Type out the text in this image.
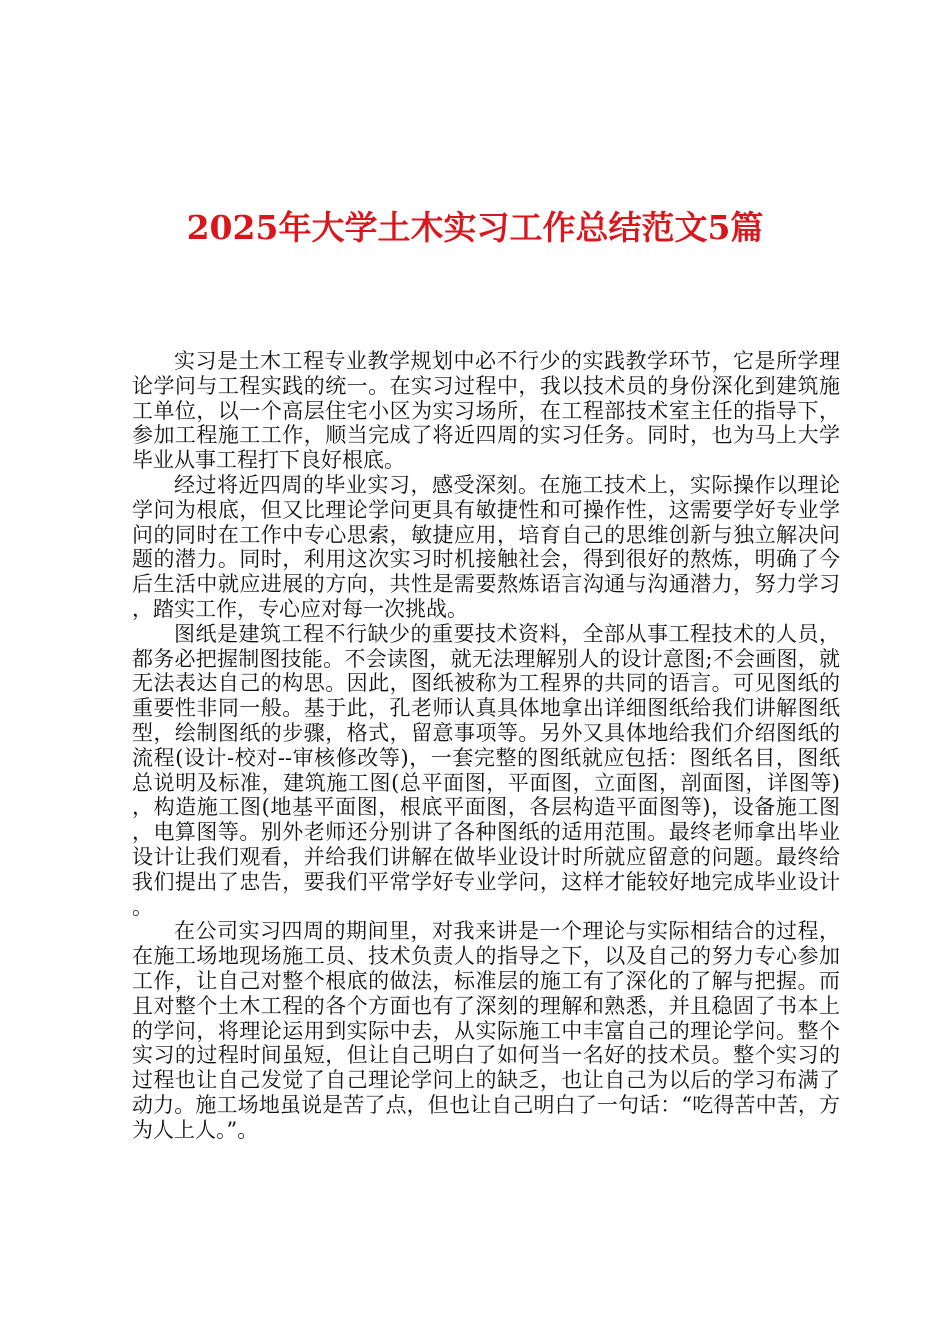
2025年大学土木实习工作总结范文5篇

实习是土木工程专业教学规划中必不行少的实践教学环节，它是所学理论学问与工程实践的统一。在实习过程中，我以技术员的身份深化到建筑施工单位，以一个高层住宅小区为实习场所，在工程部技术室主任的指导下，参加工程施工工作，顺当完成了将近四周的实习任务。同时，也为马上大学毕业从事工程打下良好根底。

经过将近四周的毕业实习，感受深刻。在施工技术上，实际操作以理论学问为根底，但又比理论学问更具有敏捷性和可操作性，这需要学好专业学问的同时在工作中专心思索，敏捷应用，培育自己的思维创新与独立解决问题的潜力。同时，利用这次实习时机接触社会，得到很好的熬炼，明确了今后生活中就应进展的方向，共性是需要熬炼语言沟通与沟通潜力，努力学习，踏实工作，专心应对每一次挑战。

图纸是建筑工程不行缺少的重要技术资料，全部从事工程技术的人员，都务必把握制图技能。不会读图，就无法理解别人的设计意图;不会画图，就无法表达自己的构思。因此，图纸被称为工程界的共同的语言。可见图纸的重要性非同一般。基于此，孔老师认真具体地拿出详细图纸给我们讲解图纸型，绘制图纸的步骤，格式，留意事项等。另外又具体地给我们介绍图纸的流程(设计-校对--审核修改等)，一套完整的图纸就应包括：图纸名目，图纸总说明及标准，建筑施工图(总平面图，平面图，立面图，剖面图，详图等)，构造施工图(地基平面图，根底平面图，各层构造平面图等)，设备施工图，电算图等。别外老师还分别讲了各种图纸的适用范围。最终老师拿出毕业设计让我们观看，并给我们讲解在做毕业设计时所就应留意的问题。最终给我们提出了忠告，要我们平常学好专业学问，这样才能较好地完成毕业设计。

在公司实习四周的期间里，对我来讲是一个理论与实际相结合的过程，在施工场地现场施工员、技术负责人的指导之下，以及自己的努力专心参加工作，让自己对整个根底的做法，标准层的施工有了深化的了解与把握。而且对整个土木工程的各个方面也有了深刻的理解和熟悉，并且稳固了书本上的学问，将理论运用到实际中去，从实际施工中丰富自己的理论学问。整个实习的过程时间虽短，但让自己明白了如何当一名好的技术员。整个实习的过程也让自己发觉了自己理论学问上的缺乏，也让自己为以后的学习布满了动力。施工场地虽说是苦了点，但也让自己明白了一句话：“吃得苦中苦，方为人上人。”。
